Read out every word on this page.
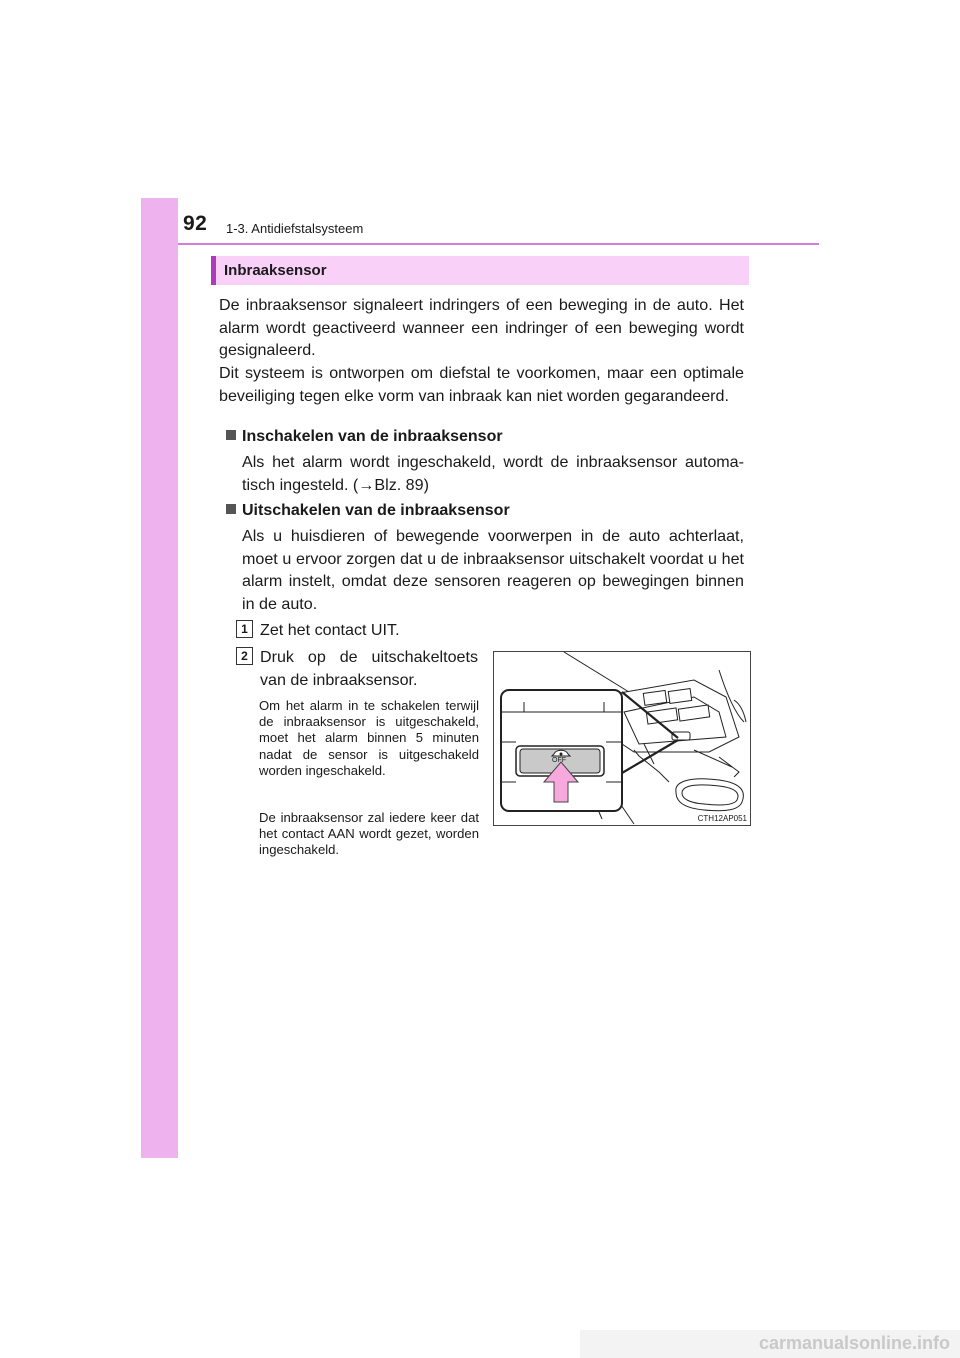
92 1-3. Antidiefstalsysteem
Inbraaksensor
De inbraaksensor signaleert indringers of een beweging in de auto. Het alarm wordt geactiveerd wanneer een indringer of een beweging wordt gesignaleerd.
Dit systeem is ontworpen om diefstal te voorkomen, maar een optimale beveiliging tegen elke vorm van inbraak kan niet worden gegarandeerd.
Inschakelen van de inbraaksensor
Als het alarm wordt ingeschakeld, wordt de inbraaksensor automatisch ingesteld. (→Blz. 89)
Uitschakelen van de inbraaksensor
Als u huisdieren of bewegende voorwerpen in de auto achterlaat, moet u ervoor zorgen dat u de inbraaksensor uitschakelt voordat u het alarm instelt, omdat deze sensoren reageren op bewegingen binnen in de auto.
1 Zet het contact UIT.
2 Druk op de uitschakeltoets van de inbraaksensor.
Om het alarm in te schakelen terwijl de inbraaksensor is uitgeschakeld, moet het alarm binnen 5 minuten nadat de sensor is uitgeschakeld worden ingeschakeld.
De inbraaksensor zal iedere keer dat het contact AAN wordt gezet, worden ingeschakeld.
OFF
CTH12AP051
carmanualsonline.info
